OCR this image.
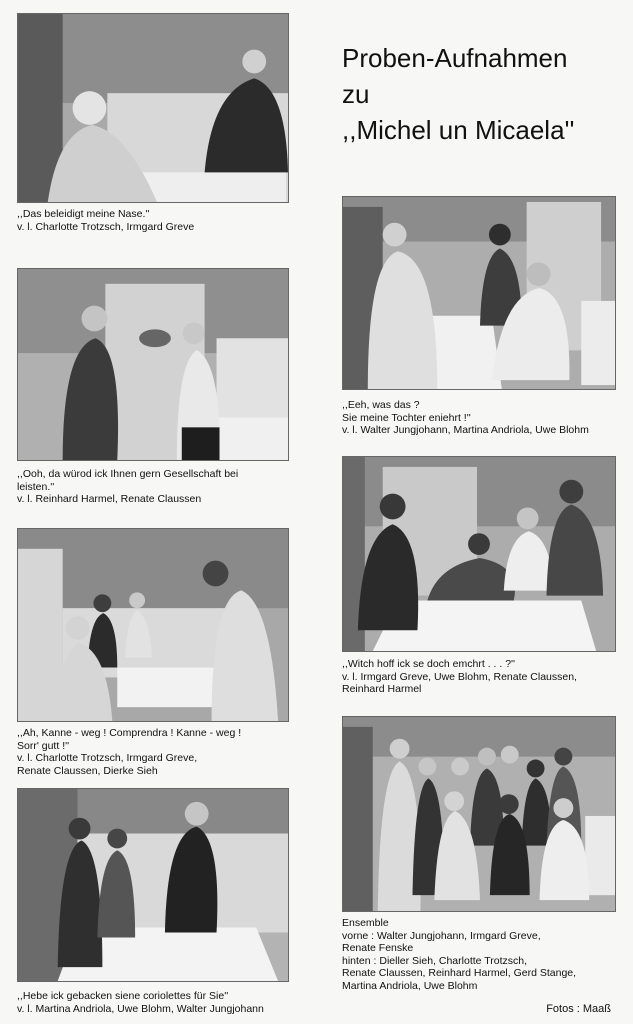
Proben-Aufnahmen
zu
,,Michel un Micaela''
,,Das beleidigt meine Nase.''
v. l. Charlotte Trotzsch, Irmgard Greve
,,Ooh, da würod ick Ihnen gern Gesellschaft bei
leisten.''
v. l. Reinhard Harmel, Renate Claussen
,,Ah, Kanne - weg ! Comprendra ! Kanne - weg !
Sorr' gutt !''
v. l. Charlotte Trotzsch, Irmgard Greve,
Renate Claussen, Dierke Sieh
,,Hebe ick gebacken siene coriolettes für Sie''
v. l. Martina Andriola, Uwe Blohm, Walter Jungjohann
,,Eeh, was das ?
Sie meine Tochter eniehrt !''
v. l. Walter Jungjohann, Martina Andriola, Uwe Blohm
,,Witch hoff ick se doch emchrt . . . ?''
v. l. Irmgard Greve, Uwe Blohm, Renate Claussen,
Reinhard Harmel
Ensemble
vorne : Walter Jungjohann, Irmgard Greve,
Renate Fenske
hinten : Dieller Sieh, Charlotte Trotzsch,
Renate Claussen, Reinhard Harmel, Gerd Stange,
Martina Andriola, Uwe Blohm
Fotos : Maaß
